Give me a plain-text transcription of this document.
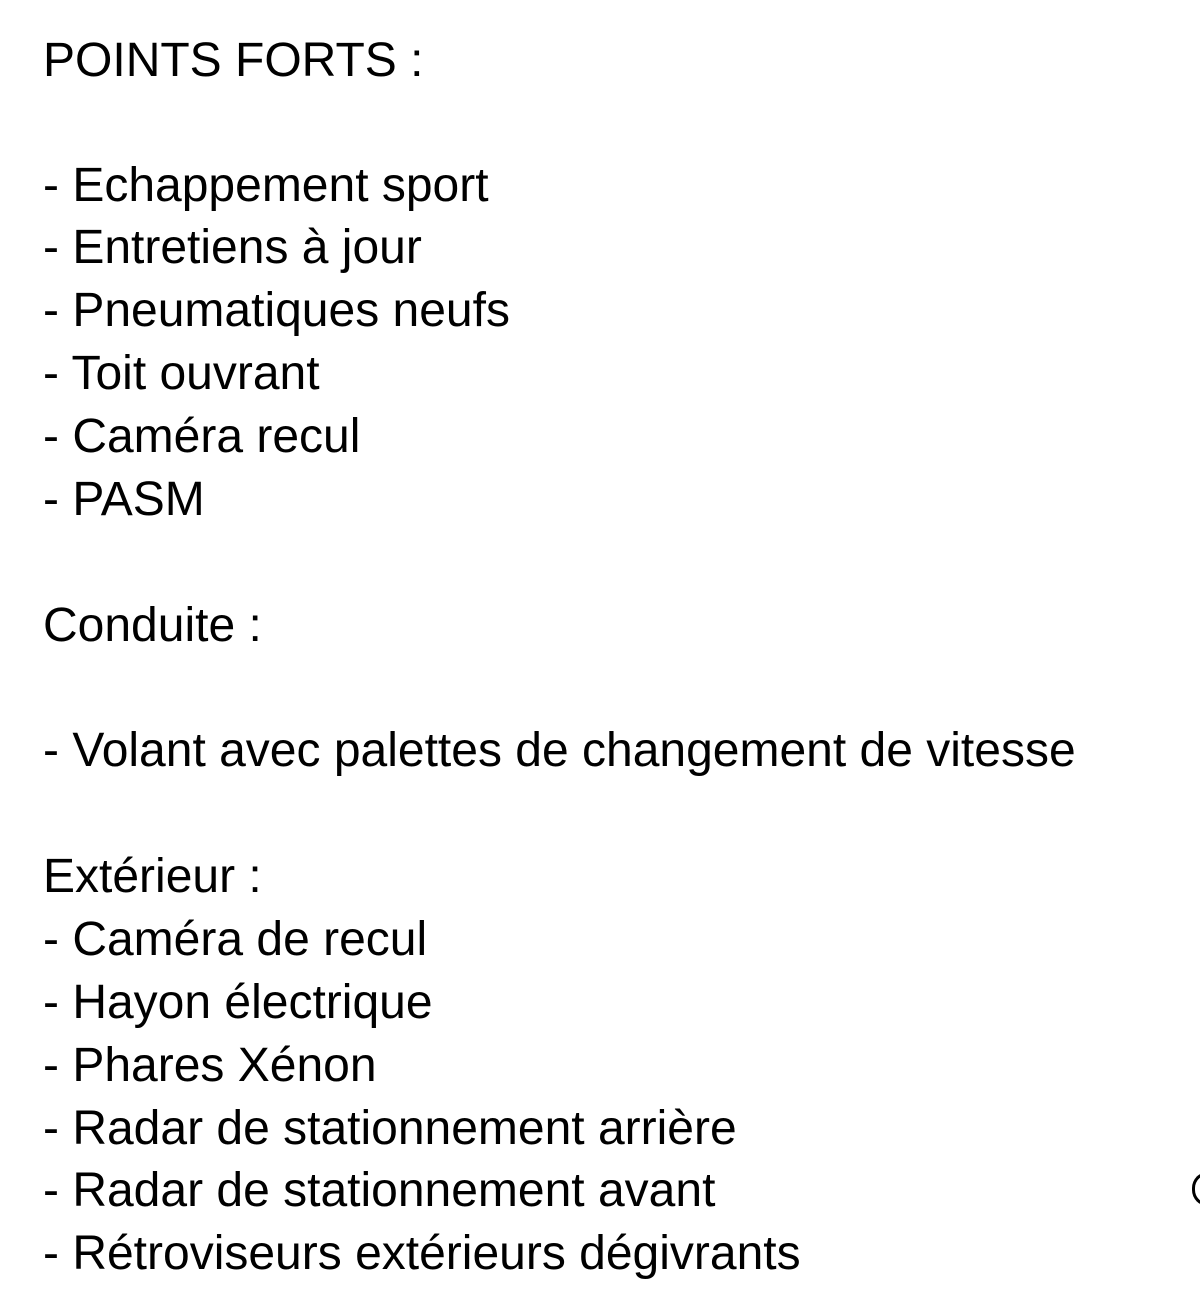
POINTS FORTS :
- Echappement sport
- Entretiens à jour
- Pneumatiques neufs
- Toit ouvrant
- Caméra recul
- PASM
Conduite :
- Volant avec palettes de changement de vitesse
Extérieur :
- Caméra de recul
- Hayon électrique
- Phares Xénon
- Radar de stationnement arrière
- Radar de stationnement avant
- Rétroviseurs extérieurs dégivrants
